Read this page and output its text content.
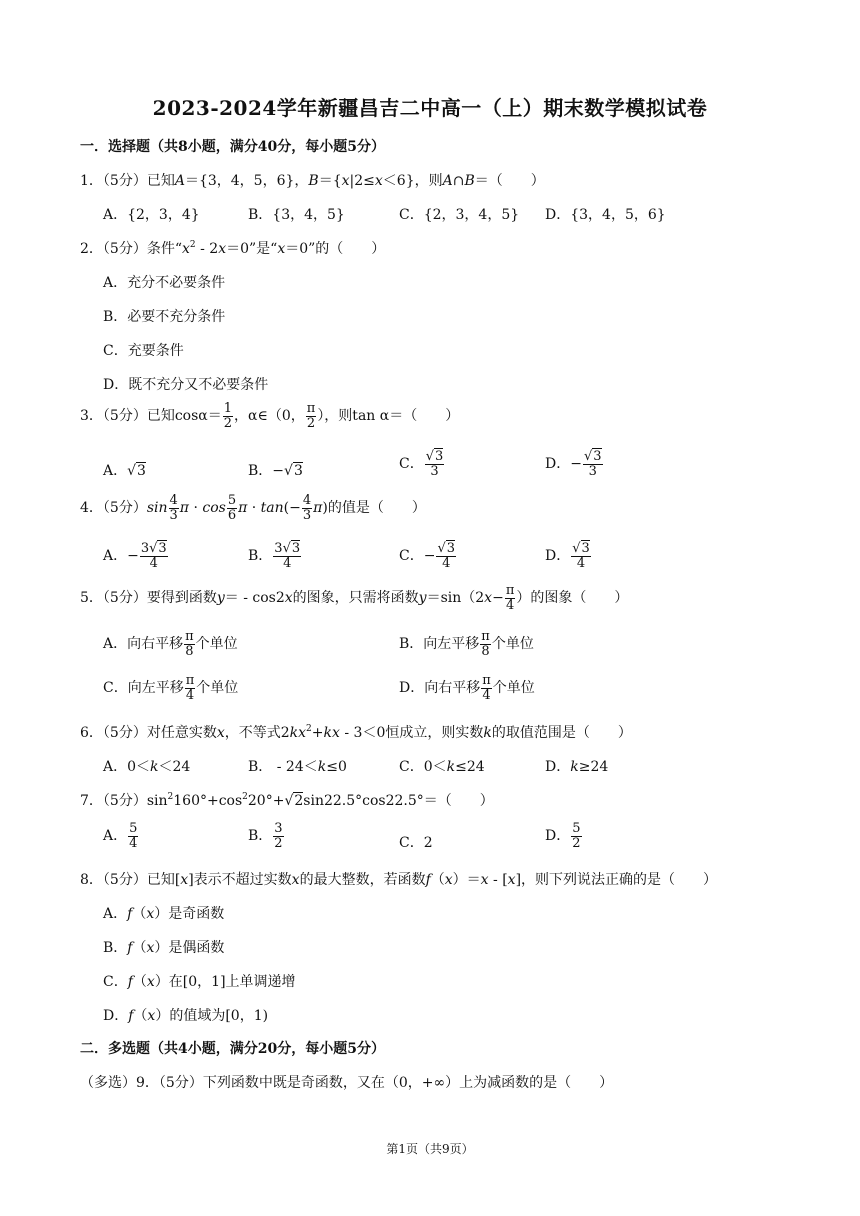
2023-2024学年新疆昌吉二中高一（上）期末数学模拟试卷
一．选择题（共8小题，满分40分，每小题5分）
1．（5分）已知A＝{3，4，5，6}，B＝{x|2≤x＜6}，则A∩B＝（　　）
A．{2，3，4}	B．{3，4，5}	C．{2，3，4，5} D．{3，4，5，6}
2．（5分）条件“$x^2 - 2x=0$”是“x＝0”的（　　）
A．充分不必要条件
B．必要不充分条件
C．充要条件
D．既不充分又不必要条件
3．（5分）已知$\cos\alpha= \frac{1}{2}$ ，α∈（0， $\frac{\pi}{2}$ ），则tan α＝（　　）
A．√3	B．−√3	C． $\frac{√3}{3}$	D．− $\frac{√3}{3}$
4．（5分）$\sin \frac{4}{3}$ $\pi \cdot \cos \frac{5}{6}$ $\pi \cdot \tan(- \frac{4}{3} \pi)$的值是（　　）
A．− $\frac{3√3}{4}$	B． $\frac{3√3}{4}$	C．− $\frac{√3}{4}$	D． $\frac{√3}{4}$
5．（5分）要得到函数y＝ - cos2x的图象，只需将函数$y=\sin(2x- \frac{\pi}{4}$ ）的图象（　　）
A．向右平移 $\frac{\pi}{8}$ 个单位	B．向左平移 $\frac{\pi}{8}$ 个单位
C．向左平移 $\frac{\pi}{4}$ 个单位	D．向右平移 $\frac{\pi}{4}$ 个单位
6．（5分）对任意实数x，不等式$2kx^2+kx - 3<0$恒成立，则实数k的取值范围是（　　）
A．0＜k＜24	B． - 24＜k≤0	C．0＜k≤24	D．k≥24
7．（5分）$\sin^2160^\circ+\cos^220^\circ+√2\sin 22.5^\circ\cos 22.5^\circ=$（　　）
A． $\frac{5}{4}$	B． $\frac{3}{2}$	C．2	D． $\frac{5}{2}$
8．（5分）已知[x]表示不超过实数x的最大整数，若函数f（x）＝x - [x]，则下列说法正确的是（　　）
A．f（x）是奇函数
B．f（x）是偶函数
C．f（x）在[0，1]上单调递增
D．f（x）的值域为[0，1)
二．多选题（共4小题，满分20分，每小题5分）
（多选）9．（5分）下列函数中既是奇函数，又在（0，+∞）上为减函数的是（　　）
第1页（共9页）
